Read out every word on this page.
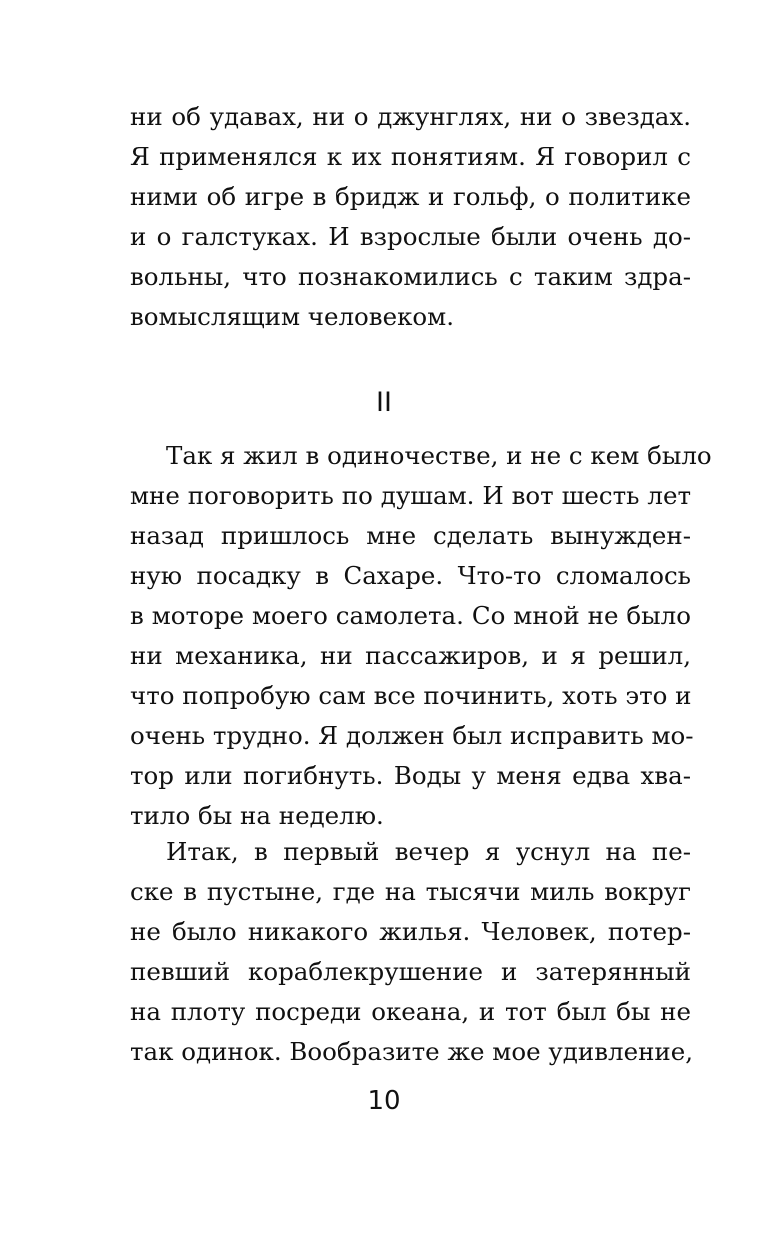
ни об удавах, ни о джунглях, ни о звездах.
Я применялся к их понятиям. Я говорил с
ними об игре в бридж и гольф, о политике
и о галстуках. И взрослые были очень до-
вольны, что познакомились с таким здра-
вомыслящим человеком.
II
Так я жил в одиночестве, и не с кем было
мне поговорить по душам. И вот шесть лет
назад пришлось мне сделать вынужден-
ную посадку в Сахаре. Что-то сломалось
в моторе моего самолета. Со мной не было
ни механика, ни пассажиров, и я решил,
что попробую сам все починить, хоть это и
очень трудно. Я должен был исправить мо-
тор или погибнуть. Воды у меня едва хва-
тило бы на неделю.
Итак, в первый вечер я уснул на пе-
ске в пустыне, где на тысячи миль вокруг
не было никакого жилья. Человек, потер-
певший кораблекрушение и затерянный
на плоту посреди океана, и тот был бы не
так одинок. Вообразите же мое удивление,
10
